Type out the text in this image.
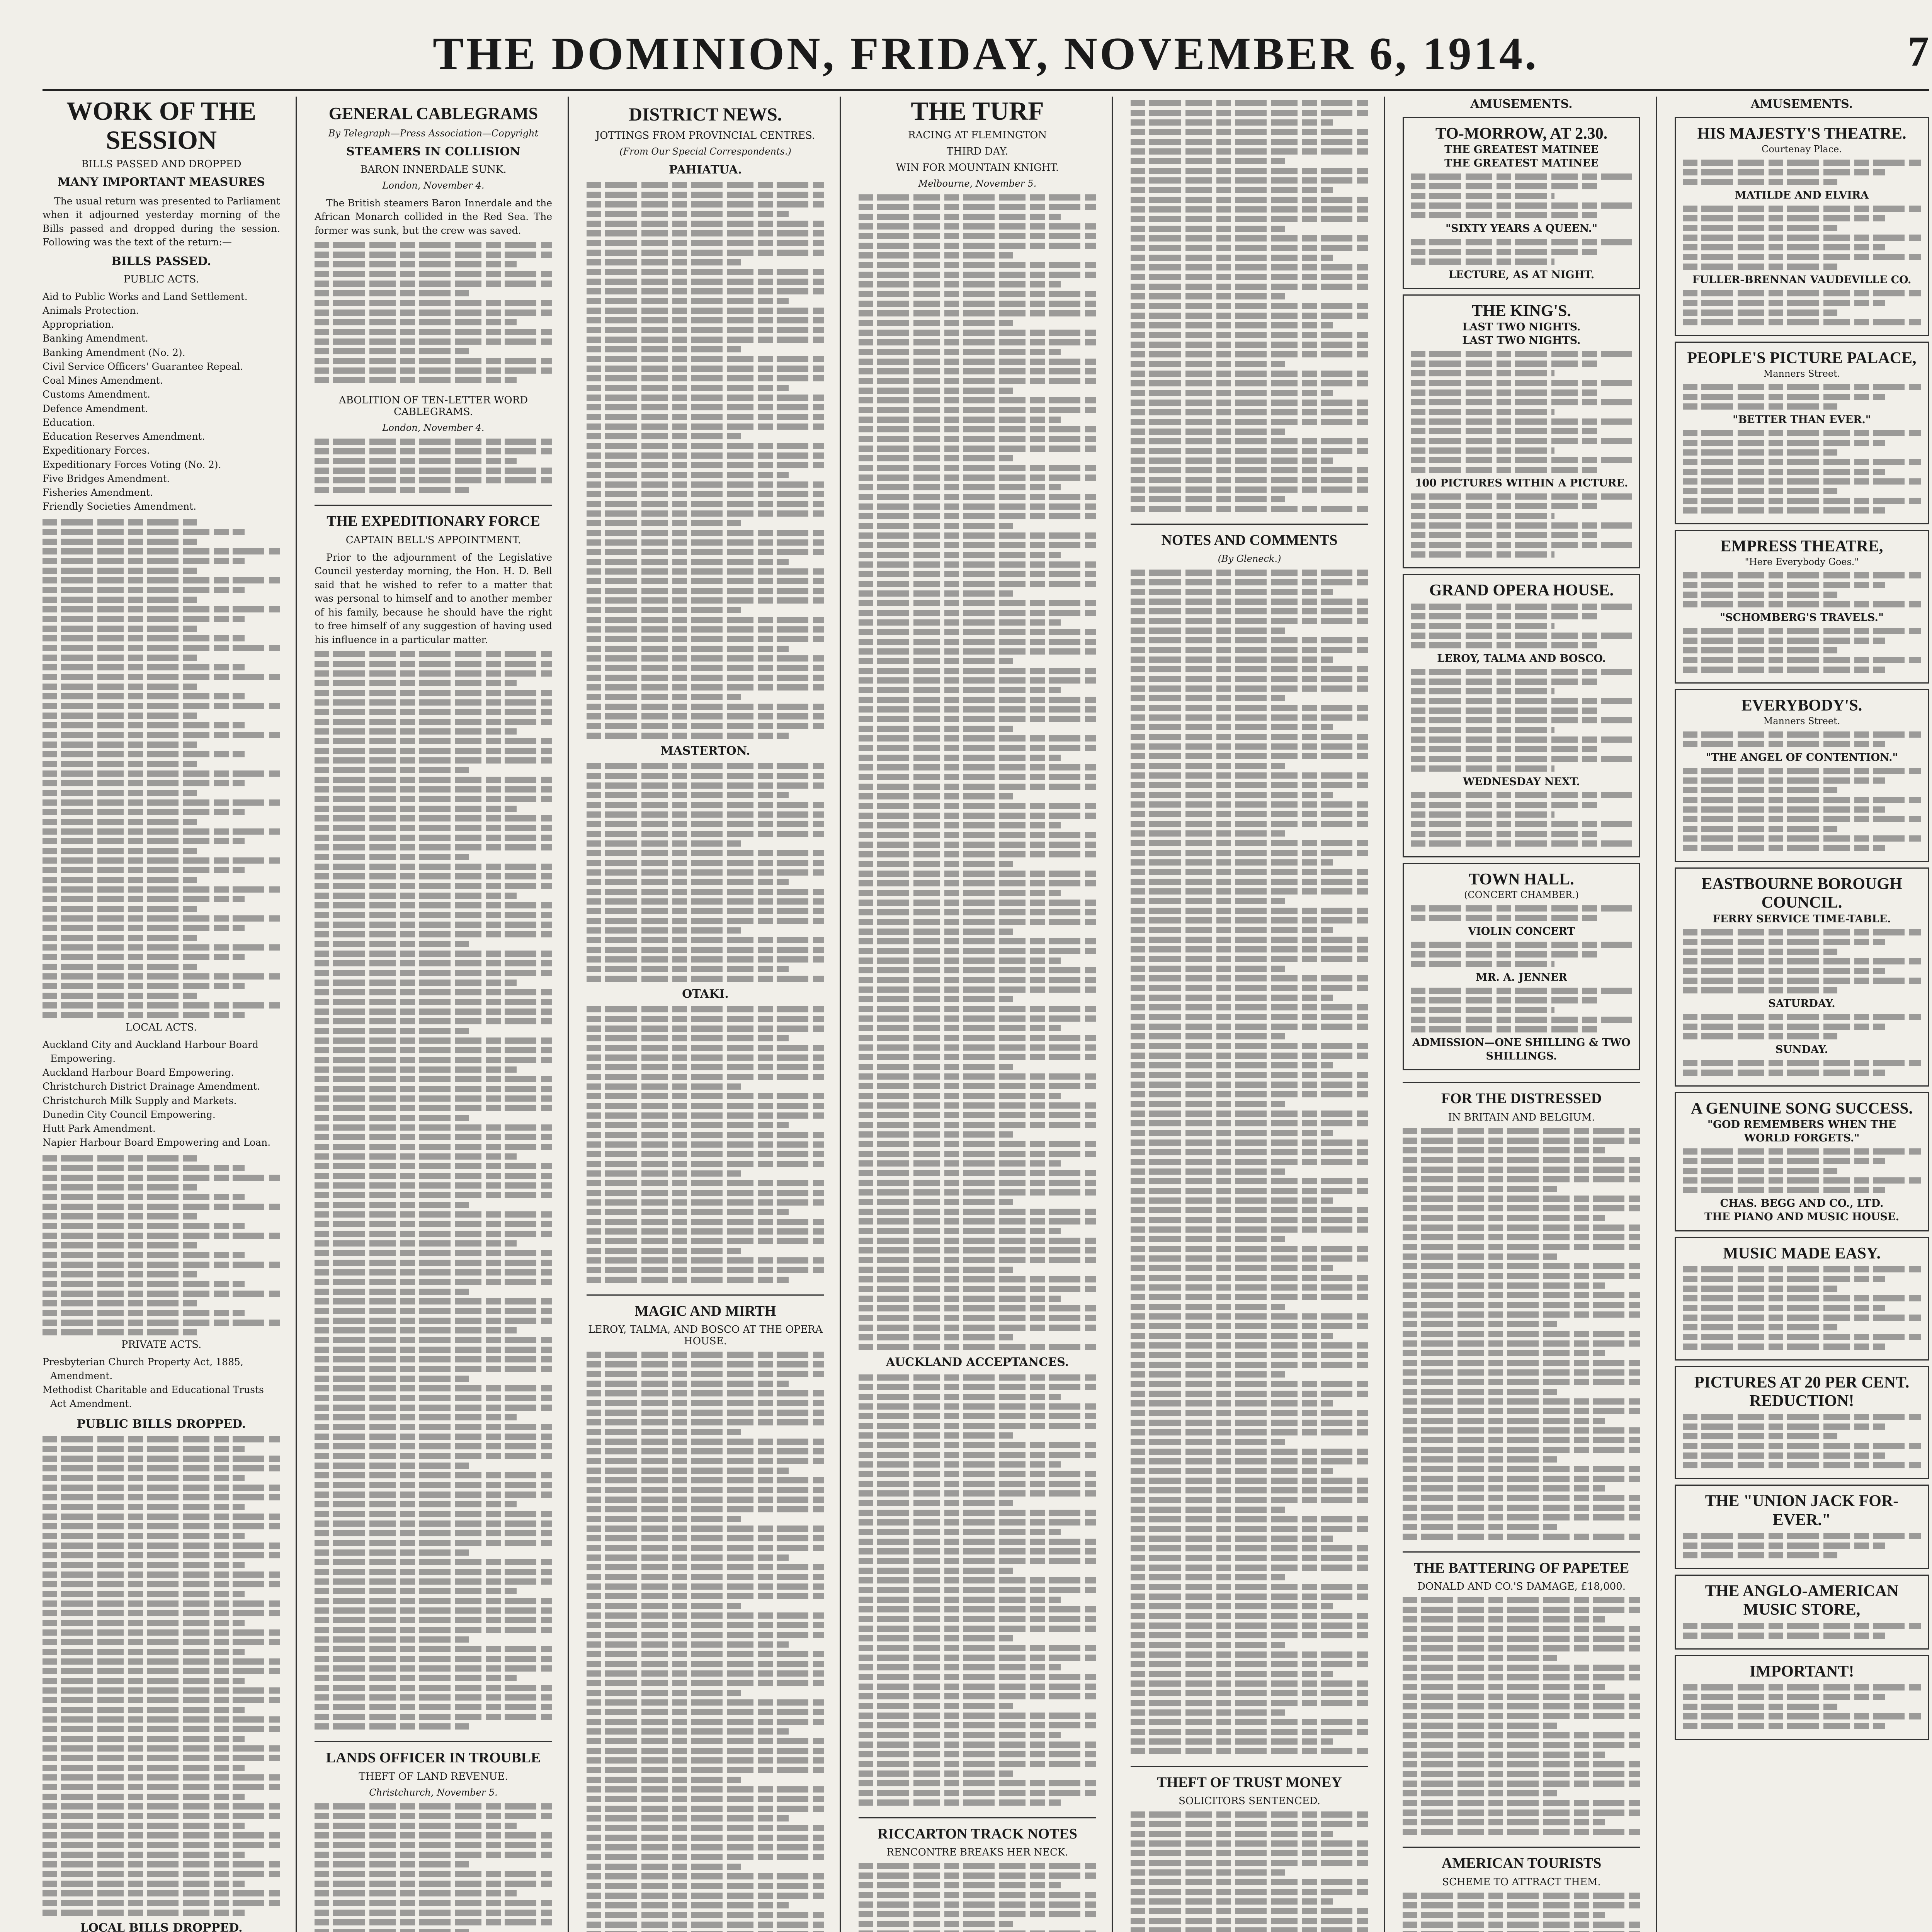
THE DOMINION, FRIDAY, NOVEMBER 6, 1914.	7
WORK OF THE SESSION
BILLS PASSED AND DROPPED
MANY IMPORTANT MEASURES

The usual return was presented to Parliament when it adjourned yesterday morning of the Bills passed and dropped during the session. Following was the text of the return:—

BILLS PASSED.
PUBLIC ACTS.
Aid to Public Works and Land Settlement.
Animals Protection.
Appropriation.
Banking Amendment.
Banking Amendment (No. 2).
Civil Service Officers' Guarantee Repeal.
Coal Mines Amendment.
Customs Amendment.
Defence Amendment.
Education.
Education Reserves Amendment.
Expeditionary Forces.
Expeditionary Forces Voting (No. 2).
Five Bridges Amendment.
Fisheries Amendment.
Friendly Societies Amendment.
LOCAL ACTS.
Auckland City and Auckland Harbour Board Empowering.
Auckland Harbour Board Empowering.
Christchurch District Drainage Amendment.
Christchurch Milk Supply and Markets.
Dunedin City Council Empowering.
Hutt Park Amendment.
Napier Harbour Board Empowering and Loan.
PRIVATE ACTS.
Presbyterian Church Property Act, 1885, Amendment.
Methodist Charitable and Educational Trusts Act Amendment.
PUBLIC BILLS DROPPED.
LOCAL BILLS DROPPED.
GENERAL CABLEGRAMS
By Telegraph—Press Association—Copyright
STEAMERS IN COLLISION
BARON INNERDALE SUNK.
London, November 4.

The British steamers Baron Innerdale and the African Monarch collided in the Red Sea. The former was sunk, but the crew was saved.

ABOLITION OF TEN-LETTER WORD CABLEGRAMS.
London, November 4.
THE EXPEDITIONARY FORCE
CAPTAIN BELL'S APPOINTMENT.

Prior to the adjournment of the Legislative Council yesterday morning, the Hon. H. D. Bell said that he wished to refer to a matter that was personal to himself and to another member of his family, because he should have the right to free himself of any suggestion of having used his influence in a particular matter.

LANDS OFFICER IN TROUBLE
THEFT OF LAND REVENUE.
Christchurch, November 5.
DISTRICT NEWS.
JOTTINGS FROM PROVINCIAL CENTRES.
(From Our Special Correspondents.)
PAHIATUA.
MASTERTON.
OTAKI.
MAGIC AND MIRTH
LEROY, TALMA, AND BOSCO AT THE OPERA HOUSE.
THE TURF
RACING AT FLEMINGTON
THIRD DAY.
WIN FOR MOUNTAIN KNIGHT.
Melbourne, November 5.
AUCKLAND ACCEPTANCES.
RICCARTON TRACK NOTES
RENCONTRE BREAKS HER NECK.
NOTES AND COMMENTS
(By Gleneck.)
THEFT OF TRUST MONEY
SOLICITORS SENTENCED.
AMUSEMENTS.
TO-MORROW, AT 2.30.
THE GREATEST MATINEE
THE GREATEST MATINEE
"SIXTY YEARS A QUEEN."
LECTURE, AS AT NIGHT.
THE KING'S.
LAST TWO NIGHTS.
LAST TWO NIGHTS.
100 PICTURES WITHIN A PICTURE.
GRAND OPERA HOUSE.
LEROY, TALMA AND BOSCO.
WEDNESDAY NEXT.
TOWN HALL.
(CONCERT CHAMBER.)
VIOLIN CONCERT
MR. A. JENNER
ADMISSION—ONE SHILLING & TWO SHILLINGS.
FOR THE DISTRESSED
IN BRITAIN AND BELGIUM.
THE BATTERING OF PAPETEE
DONALD AND CO.'S DAMAGE, £18,000.
AMERICAN TOURISTS
SCHEME TO ATTRACT THEM.
AMUSEMENTS.
HIS MAJESTY'S THEATRE.
Courtenay Place.
MATILDE AND ELVIRA
FULLER-BRENNAN VAUDEVILLE CO.
PEOPLE'S PICTURE PALACE,
Manners Street.
"BETTER THAN EVER."
EMPRESS THEATRE,
"Here Everybody Goes."
"SCHOMBERG'S TRAVELS."
EVERYBODY'S.
Manners Street.
"THE ANGEL OF CONTENTION."
EASTBOURNE BOROUGH COUNCIL.
FERRY SERVICE TIME-TABLE.
SATURDAY.
SUNDAY.
A GENUINE SONG SUCCESS.
"GOD REMEMBERS WHEN THE WORLD FORGETS."
CHAS. BEGG AND CO., LTD.
THE PIANO AND MUSIC HOUSE.
MUSIC MADE EASY.
PICTURES AT 20 PER CENT. REDUCTION!
THE "UNION JACK FOR-EVER."
THE ANGLO-AMERICAN MUSIC STORE,
IMPORTANT!
